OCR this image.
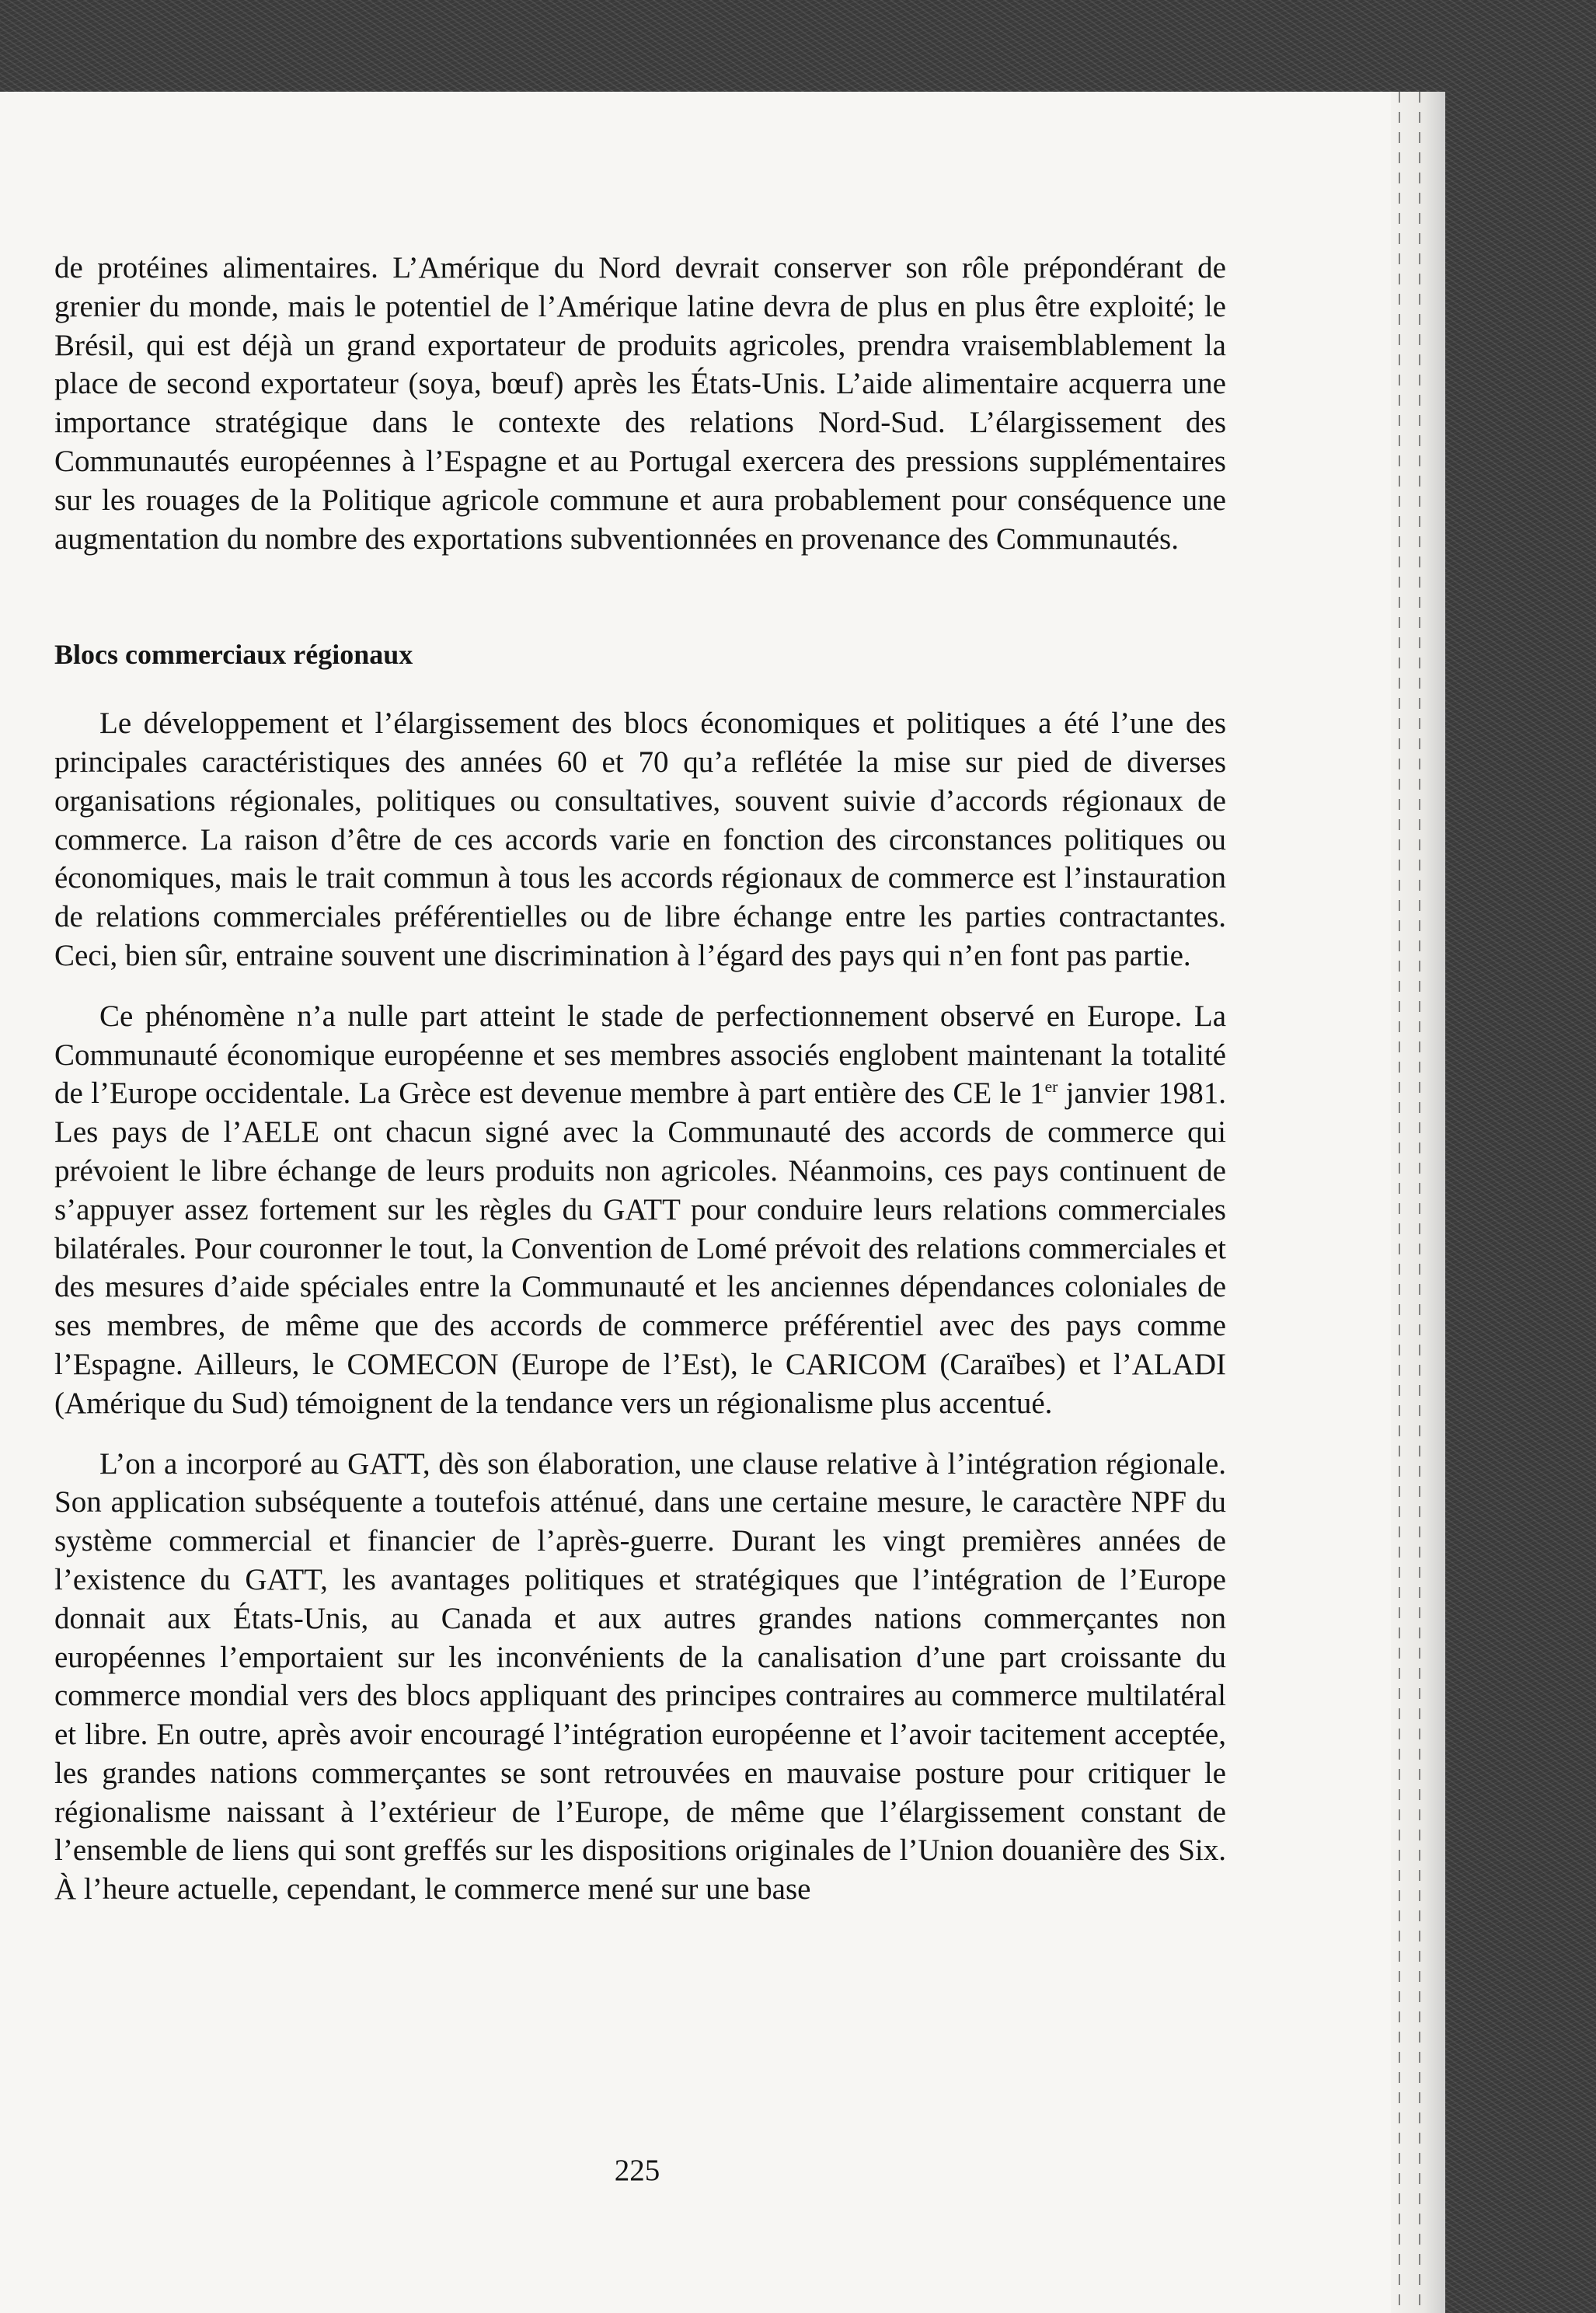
de protéines alimentaires. L’Amérique du Nord devrait conserver son rôle prépondérant de grenier du monde, mais le potentiel de l’Amérique latine devra de plus en plus être exploité; le Brésil, qui est déjà un grand exportateur de produits agricoles, prendra vraisemblablement la place de second exportateur (soya, bœuf) après les États-Unis. L’aide alimentaire acquerra une importance stratégique dans le contexte des relations Nord-Sud. L’élargissement des Communautés européennes à l’Espagne et au Portugal exercera des pressions supplémentaires sur les rouages de la Politique agricole commune et aura probablement pour conséquence une augmentation du nombre des exportations subventionnées en provenance des Communautés.

Blocs commerciaux régionaux

Le développement et l’élargissement des blocs économiques et politiques a été l’une des principales caractéristiques des années 60 et 70 qu’a reflétée la mise sur pied de diverses organisations régionales, politiques ou consultatives, souvent suivie d’accords régionaux de commerce. La raison d’être de ces accords varie en fonction des circonstances politiques ou économiques, mais le trait commun à tous les accords régionaux de commerce est l’instauration de relations commerciales préférentielles ou de libre échange entre les parties contractantes. Ceci, bien sûr, entraine souvent une discrimination à l’égard des pays qui n’en font pas partie.

Ce phénomène n’a nulle part atteint le stade de perfectionnement observé en Europe. La Communauté économique européenne et ses membres associés englobent maintenant la totalité de l’Europe occidentale. La Grèce est devenue membre à part entière des CE le 1er janvier 1981. Les pays de l’AELE ont chacun signé avec la Communauté des accords de commerce qui prévoient le libre échange de leurs produits non agricoles. Néanmoins, ces pays continuent de s’appuyer assez fortement sur les règles du GATT pour conduire leurs relations commerciales bilatérales. Pour couronner le tout, la Convention de Lomé prévoit des relations commerciales et des mesures d’aide spéciales entre la Communauté et les anciennes dépendances coloniales de ses membres, de même que des accords de commerce préférentiel avec des pays comme l’Espagne. Ailleurs, le COMECON (Europe de l’Est), le CARICOM (Caraïbes) et l’ALADI (Amérique du Sud) témoignent de la tendance vers un régionalisme plus accentué.

L’on a incorporé au GATT, dès son élaboration, une clause relative à l’intégration régionale. Son application subséquente a toutefois atténué, dans une certaine mesure, le caractère NPF du système commercial et financier de l’après-guerre. Durant les vingt premières années de l’existence du GATT, les avantages politiques et stratégiques que l’intégration de l’Europe donnait aux États-Unis, au Canada et aux autres grandes nations commerçantes non européennes l’emportaient sur les inconvénients de la canalisation d’une part croissante du commerce mondial vers des blocs appliquant des principes contraires au commerce multilatéral et libre. En outre, après avoir encouragé l’intégration européenne et l’avoir tacitement acceptée, les grandes nations commerçantes se sont retrouvées en mauvaise posture pour critiquer le régionalisme naissant à l’extérieur de l’Europe, de même que l’élargissement constant de l’ensemble de liens qui sont greffés sur les dispositions originales de l’Union douanière des Six. À l’heure actuelle, cependant, le commerce mené sur une base

225
